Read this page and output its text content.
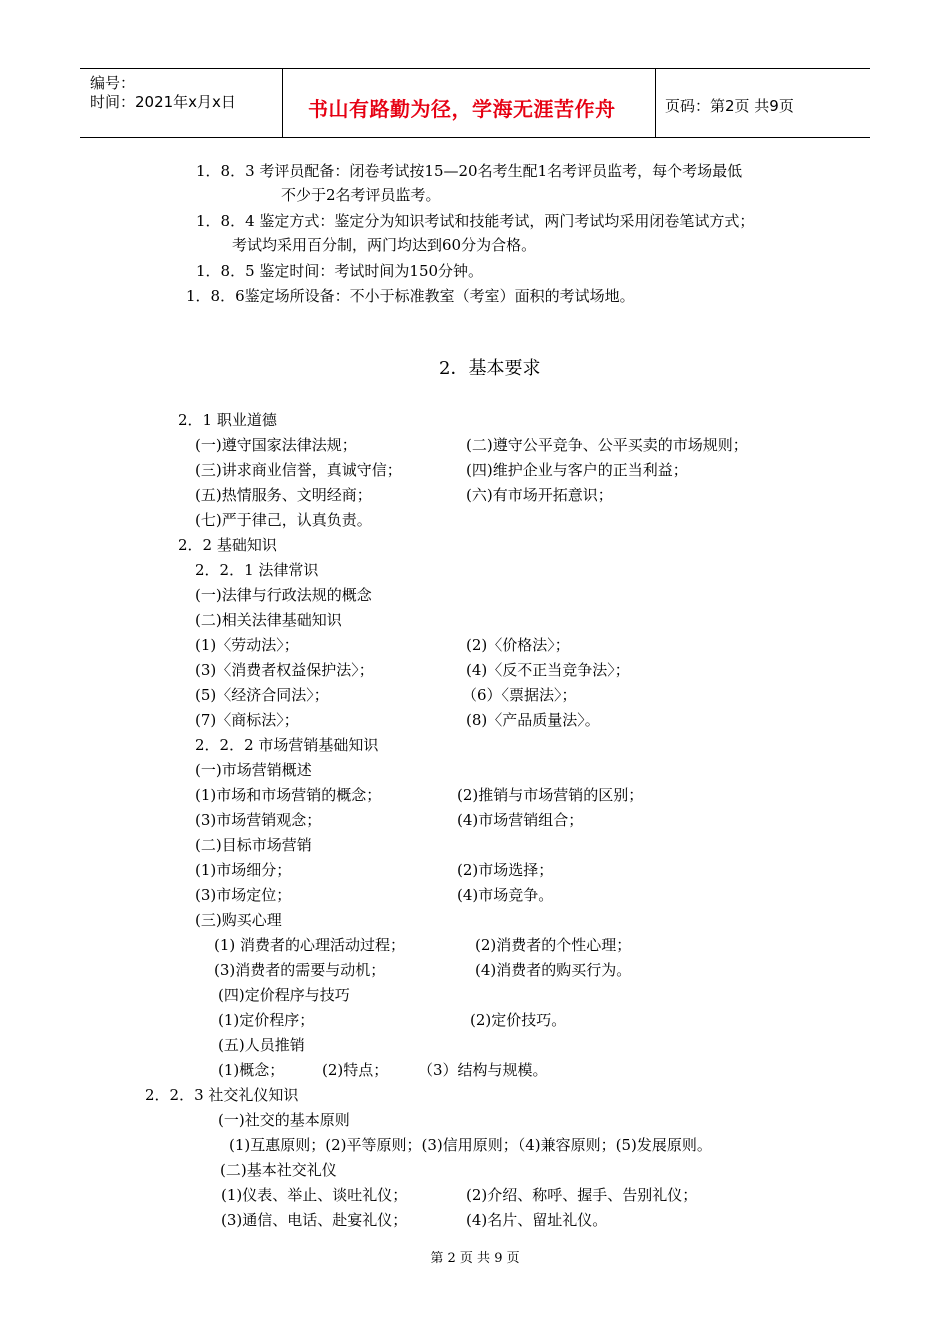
编号：
时间：2021年x月x日	书山有路勤为径，学海无涯苦作舟	页码：第2页 共9页
1．8．3 考评员配备：闭卷考试按15—20名考生配1名考评员监考，每个考场最低
不少于2名考评员监考。
1．8．4 鉴定方式：鉴定分为知识考试和技能考试，两门考试均采用闭卷笔试方式；
考试均采用百分制，两门均达到60分为合格。
1．8．5 鉴定时间：考试时间为150分钟。
1．8．6鉴定场所设备：不小于标准教室（考室）面积的考试场地。
2．基本要求
2．1 职业道德
(一)遵守国家法律法规；	(二)遵守公平竞争、公平买卖的市场规则；
(三)讲求商业信誉，真诚守信；	(四)维护企业与客户的正当利益；
(五)热情服务、文明经商；	(六)有市场开拓意识；
(七)严于律己，认真负责。
2．2 基础知识
2．2．1 法律常识
(一)法律与行政法规的概念
(二)相关法律基础知识
(1)〈劳动法〉；	(2)〈价格法〉；
(3)〈消费者权益保护法〉；	(4)〈反不正当竞争法〉；
(5)〈经济合同法〉；	（6）〈票据法〉；
(7)〈商标法〉；	(8)〈产品质量法〉。
2．2．2 市场营销基础知识
(一)市场营销概述
(1)市场和市场营销的概念；	(2)推销与市场营销的区别；
(3)市场营销观念；	(4)市场营销组合；
(二)目标市场营销
(1)市场细分；	(2)市场选择；
(3)市场定位；	(4)市场竞争。
(三)购买心理
(1) 消费者的心理活动过程；	(2)消费者的个性心理；
(3)消费者的需要与动机；	(4)消费者的购买行为。
(四)定价程序与技巧
(1)定价程序；	(2)定价技巧。
(五)人员推销
(1)概念；	(2)特点； （3）结构与规模。
2．2．3 社交礼仪知识
(一)社交的基本原则
(1)互惠原则；(2)平等原则；(3)信用原则；（4)兼容原则；(5)发展原则。
(二)基本社交礼仪
(1)仪表、举止、谈吐礼仪；	(2)介绍、称呼、握手、告别礼仪；
(3)通信、电话、赴宴礼仪；	(4)名片、留址礼仪。
第 2 页 共 9 页
